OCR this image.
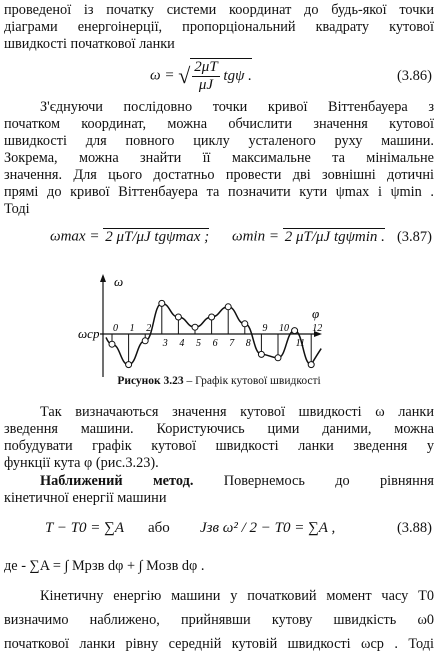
проведеної із початку системи координат до будь-якої точки
діаграми енергоінерції, пропорціональний квадрату кутової
швидкості початкової ланки
ω = √ $\frac{2\mu T}{\mu J}$ tgψ .	(3.86)
З'єднуючи послідовно точки кривої Віттенбауера з
початком координат, можна обчислити значення кутової
швидкості для повного циклу усталеного руху машини.
Зокрема, можна знайти її максимальне та мінімальне
значення. Для цього достатньо провести дві зовнішні дотичні
прямі до кривої Віттенбауера та позначити кути ψmax і ψmin .
Тоді
ωmax = 2 μT/μJ tgψmax ; ωmin = 2 μT/μJ tgψmin . (3.87)
ω
φ
ωср 0 1 2
3 4 5 6 7 8
9 10
11
12
Рисунок 3.23 – Графік кутової швидкості
Так визначаються значення кутової швидкості ω ланки
зведення машини. Користуючись цими даними, можна
побудувати графік кутової швидкості ланки зведення у
функції кута φ (рис.3.23).
Наближений метод. Повернемось до рівняння
кінетичної енергії машини
T − T0 = ∑A або Jзв ω² / 2 − T0 = ∑A ,	(3.88)
де - ∑A = ∫ Mрзв dφ + ∫ Mозв dφ .
Кінетичну енергію машини у початковий момент часу T0
визначимо наближено, прийнявши кутову швидкість ω0
початкової ланки рівну середній кутовій швидкості ωср . Тоді
